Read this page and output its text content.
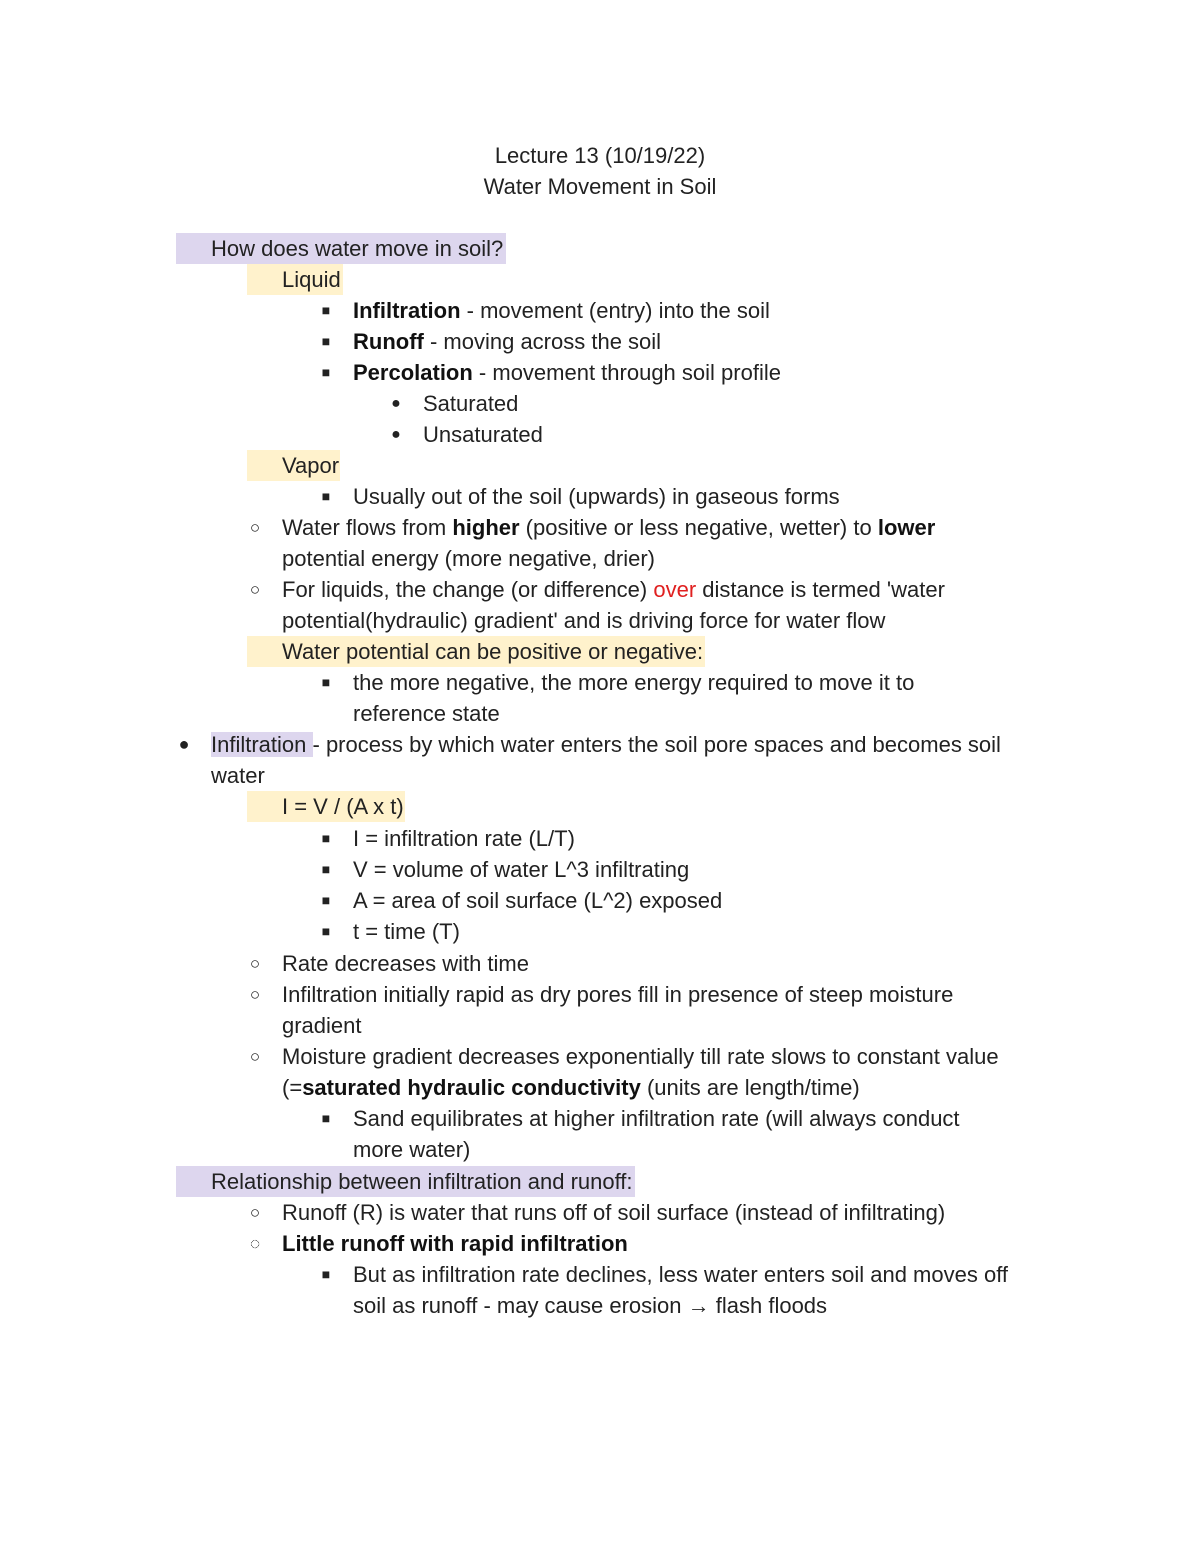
Lecture 13 (10/19/22)
Water Movement in Soil
How does water move in soil?
Liquid
■ Infiltration - movement (entry) into the soil
■ Runoff - moving across the soil
■ Percolation - movement through soil profile
● Saturated
● Unsaturated
Vapor
■ Usually out of the soil (upwards) in gaseous forms
○ Water flows from higher (positive or less negative, wetter) to lower
potential energy (more negative, drier)
○ For liquids, the change (or difference) over distance is termed 'water
potential(hydraulic) gradient' and is driving force for water flow
Water potential can be positive or negative:
■ the more negative, the more energy required to move it to
reference state
● Infiltration - process by which water enters the soil pore spaces and becomes soil
water
I = V / (A x t)
■ I = infiltration rate (L/T)
■ V = volume of water L^3 infiltrating
■ A = area of soil surface (L^2) exposed
■ t = time (T)
○ Rate decreases with time
○ Infiltration initially rapid as dry pores fill in presence of steep moisture
gradient
○ Moisture gradient decreases exponentially till rate slows to constant value
(=saturated hydraulic conductivity (units are length/time)
■ Sand equilibrates at higher infiltration rate (will always conduct
more water)
Relationship between infiltration and runoff:
○ Runoff (R) is water that runs off of soil surface (instead of infiltrating)
◌ Little runoff with rapid infiltration
■ But as infiltration rate declines, less water enters soil and moves off
soil as runoff - may cause erosion → flash floods
